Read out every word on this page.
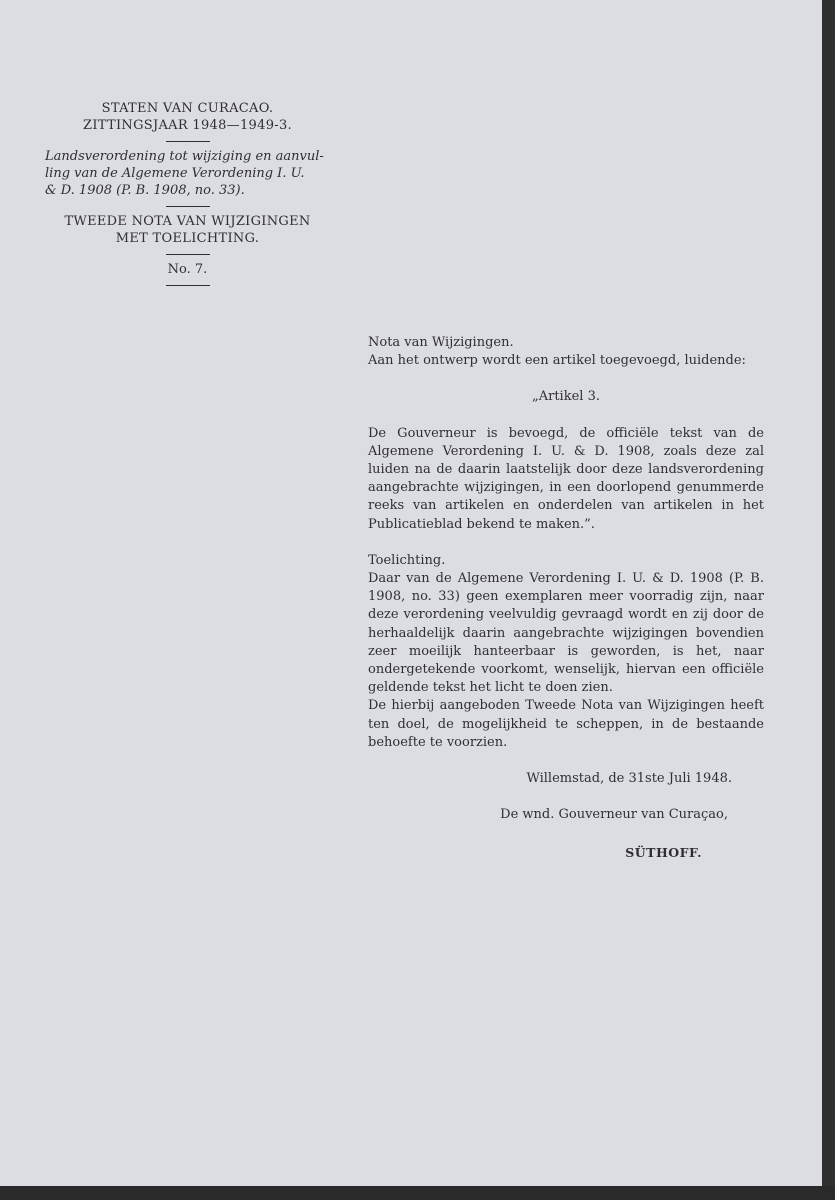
STATEN VAN CURACAO.
ZITTINGSJAAR 1948—1949-3.
Landsverordening tot wijziging en aanvul-
ling van de Algemene Verordening I. U.
& D. 1908 (P. B. 1908, no. 33).
TWEEDE NOTA VAN WIJZIGINGEN
MET TOELICHTING.
No. 7.
Nota van Wijzigingen.
Aan het ontwerp wordt een artikel toegevoegd, luidende:
„Artikel 3.
De Gouverneur is bevoegd, de officiële tekst van de Algemene Verordening I. U. & D. 1908, zoals deze zal luiden na de daarin laatstelijk door deze landsverordening aangebrachte wijzigingen, in een doorlopend genummerde reeks van artikelen en onderdelen van artikelen in het Publicatieblad bekend te maken.”.
Toelichting.
Daar van de Algemene Verordening I. U. & D. 1908 (P. B. 1908, no. 33) geen exemplaren meer voorradig zijn, naar deze verordening veelvuldig gevraagd wordt en zij door de herhaaldelijk daarin aangebrachte wijzigingen bovendien zeer moeilijk hanteerbaar is geworden, is het, naar ondergetekende voorkomt, wenselijk, hiervan een officiële geldende tekst het licht te doen zien.
De hierbij aangeboden Tweede Nota van Wijzigingen heeft ten doel, de mogelijkheid te scheppen, in de bestaande behoefte te voorzien.
Willemstad, de 31ste Juli 1948.
De wnd. Gouverneur van Curaçao,
SÜTHOFF.
